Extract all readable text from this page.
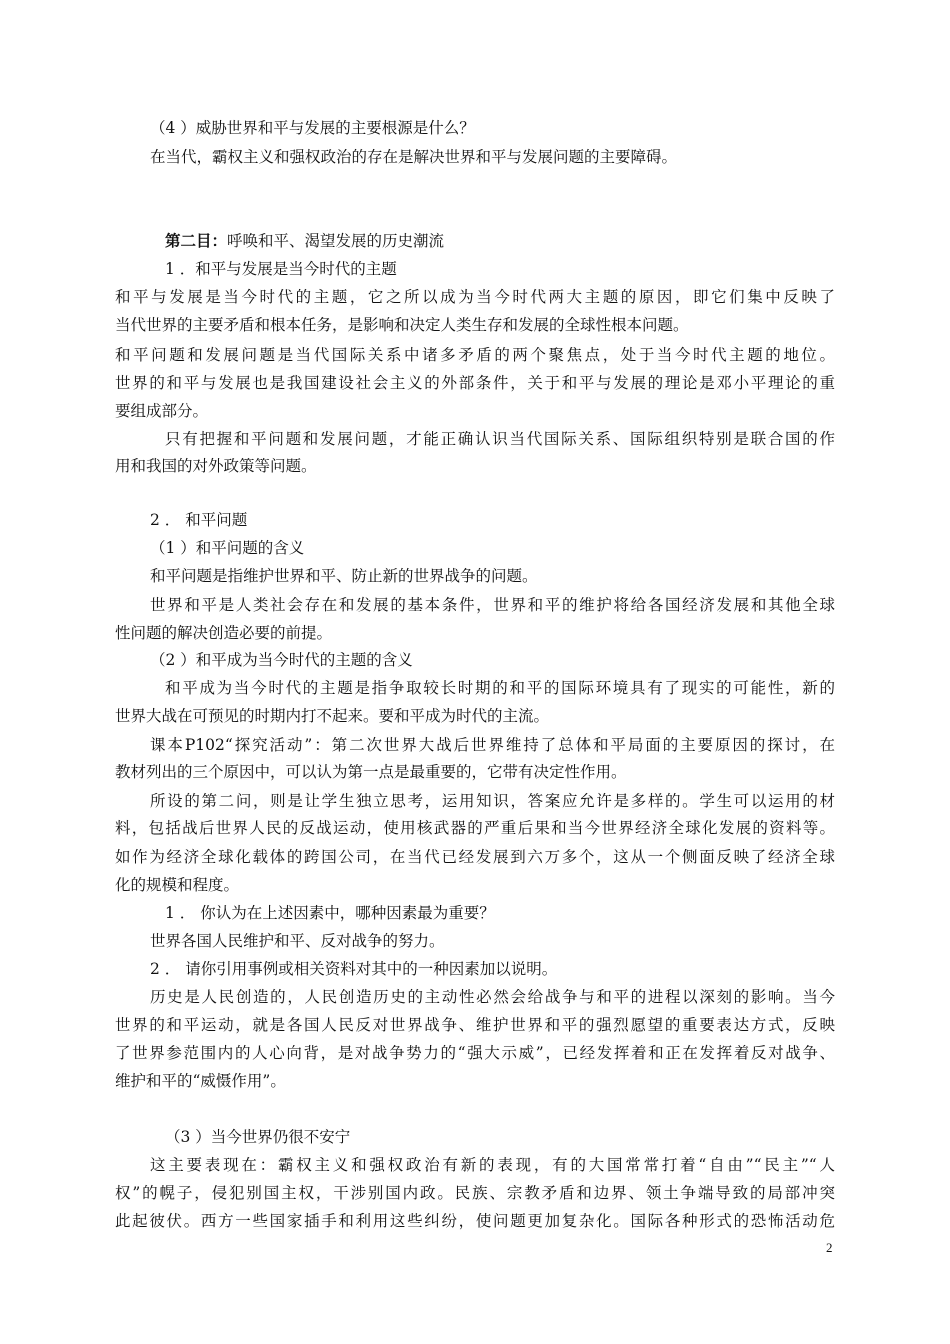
（4 ）威胁世界和平与发展的主要根源是什么？
在当代，霸权主义和强权政治的存在是解决世界和平与发展问题的主要障碍。
第二目：呼唤和平、渴望发展的历史潮流
1 ．和平与发展是当今时代的主题
和平与发展是当今时代的主题，它之所以成为当今时代两大主题的原因，即它们集中反映了
当代世界的主要矛盾和根本任务，是影响和决定人类生存和发展的全球性根本问题。
和平问题和发展问题是当代国际关系中诸多矛盾的两个聚焦点，处于当今时代主题的地位。
世界的和平与发展也是我国建设社会主义的外部条件，关于和平与发展的理论是邓小平理论的重
要组成部分。
只有把握和平问题和发展问题，才能正确认识当代国际关系、国际组织特别是联合国的作
用和我国的对外政策等问题。
2 ． 和平问题
（1 ）和平问题的含义
和平问题是指维护世界和平、防止新的世界战争的问题。
世界和平是人类社会存在和发展的基本条件，世界和平的维护将给各国经济发展和其他全球
性问题的解决创造必要的前提。
（2 ）和平成为当今时代的主题的含义
和平成为当今时代的主题是指争取较长时期的和平的国际环境具有了现实的可能性，新的
世界大战在可预见的时期内打不起来。要和平成为时代的主流。
课本P102“探究活动”：第二次世界大战后世界维持了总体和平局面的主要原因的探讨，在
教材列出的三个原因中，可以认为第一点是最重要的，它带有决定性作用。
所设的第二问，则是让学生独立思考，运用知识，答案应允许是多样的。学生可以运用的材
料，包括战后世界人民的反战运动，使用核武器的严重后果和当今世界经济全球化发展的资料等。
如作为经济全球化载体的跨国公司，在当代已经发展到六万多个，这从一个侧面反映了经济全球
化的规模和程度。
1 ． 你认为在上述因素中，哪种因素最为重要？
世界各国人民维护和平、反对战争的努力。
2 ． 请你引用事例或相关资料对其中的一种因素加以说明。
历史是人民创造的，人民创造历史的主动性必然会给战争与和平的进程以深刻的影响。当今
世界的和平运动，就是各国人民反对世界战争、维护世界和平的强烈愿望的重要表达方式，反映
了世界参范围内的人心向背，是对战争势力的“强大示威”，已经发挥着和正在发挥着反对战争、
维护和平的“威慑作用”。
（3 ）当今世界仍很不安宁
这主要表现在：霸权主义和强权政治有新的表现，有的大国常常打着“自由”“民主”“人
权”的幌子，侵犯别国主权，干涉别国内政。民族、宗教矛盾和边界、领土争端导致的局部冲突
此起彼伏。西方一些国家插手和利用这些纠纷，使问题更加复杂化。国际各种形式的恐怖活动危
2
